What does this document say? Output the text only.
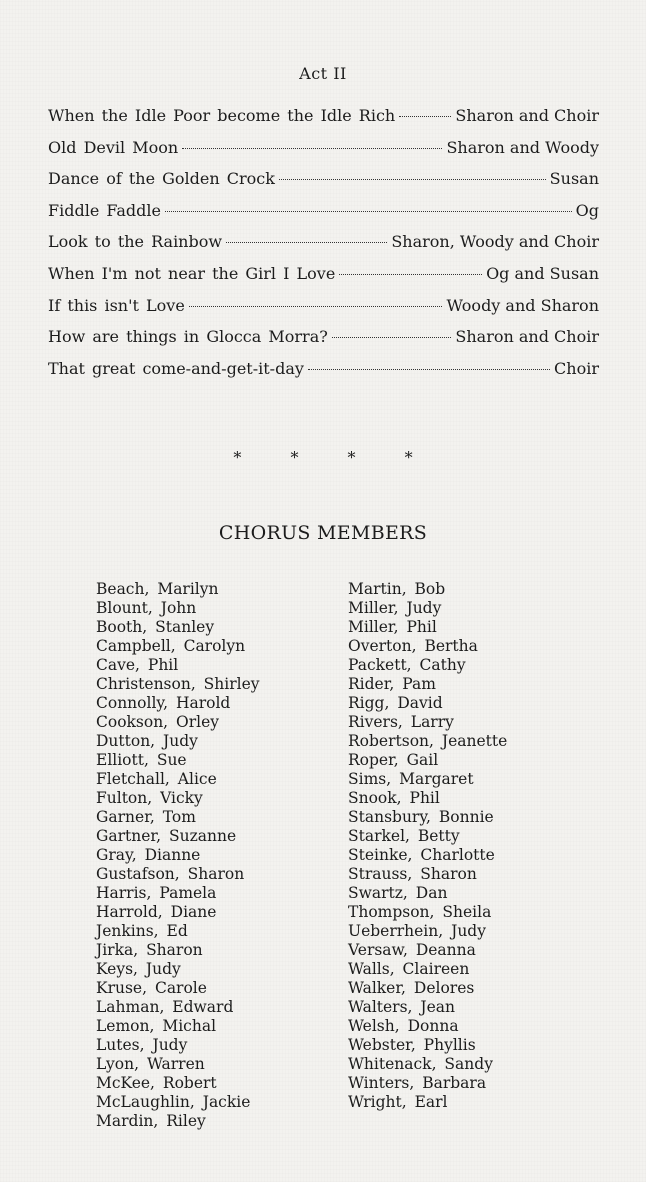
Act II
When the Idle Poor become the Idle Rich	Sharon and Choir
Old Devil Moon	Sharon and Woody
Dance of the Golden Crock	Susan
Fiddle Faddle	Og
Look to the Rainbow	Sharon, Woody and Choir
When I'm not near the Girl I Love	Og and Susan
If this isn't Love	Woody and Sharon
How are things in Glocca Morra?	Sharon and Choir
That great come-and-get-it-day	Choir
* * * *
CHORUS MEMBERS
Beach, Marilyn
Blount, John
Booth, Stanley
Campbell, Carolyn
Cave, Phil
Christenson, Shirley
Connolly, Harold
Cookson, Orley
Dutton, Judy
Elliott, Sue
Fletchall, Alice
Fulton, Vicky
Garner, Tom
Gartner, Suzanne
Gray, Dianne
Gustafson, Sharon
Harris, Pamela
Harrold, Diane
Jenkins, Ed
Jirka, Sharon
Keys, Judy
Kruse, Carole
Lahman, Edward
Lemon, Michal
Lutes, Judy
Lyon, Warren
McKee, Robert
McLaughlin, Jackie
Mardin, Riley
Martin, Bob
Miller, Judy
Miller, Phil
Overton, Bertha
Packett, Cathy
Rider, Pam
Rigg, David
Rivers, Larry
Robertson, Jeanette
Roper, Gail
Sims, Margaret
Snook, Phil
Stansbury, Bonnie
Starkel, Betty
Steinke, Charlotte
Strauss, Sharon
Swartz, Dan
Thompson, Sheila
Ueberrhein, Judy
Versaw, Deanna
Walls, Claireen
Walker, Delores
Walters, Jean
Welsh, Donna
Webster, Phyllis
Whitenack, Sandy
Winters, Barbara
Wright, Earl
